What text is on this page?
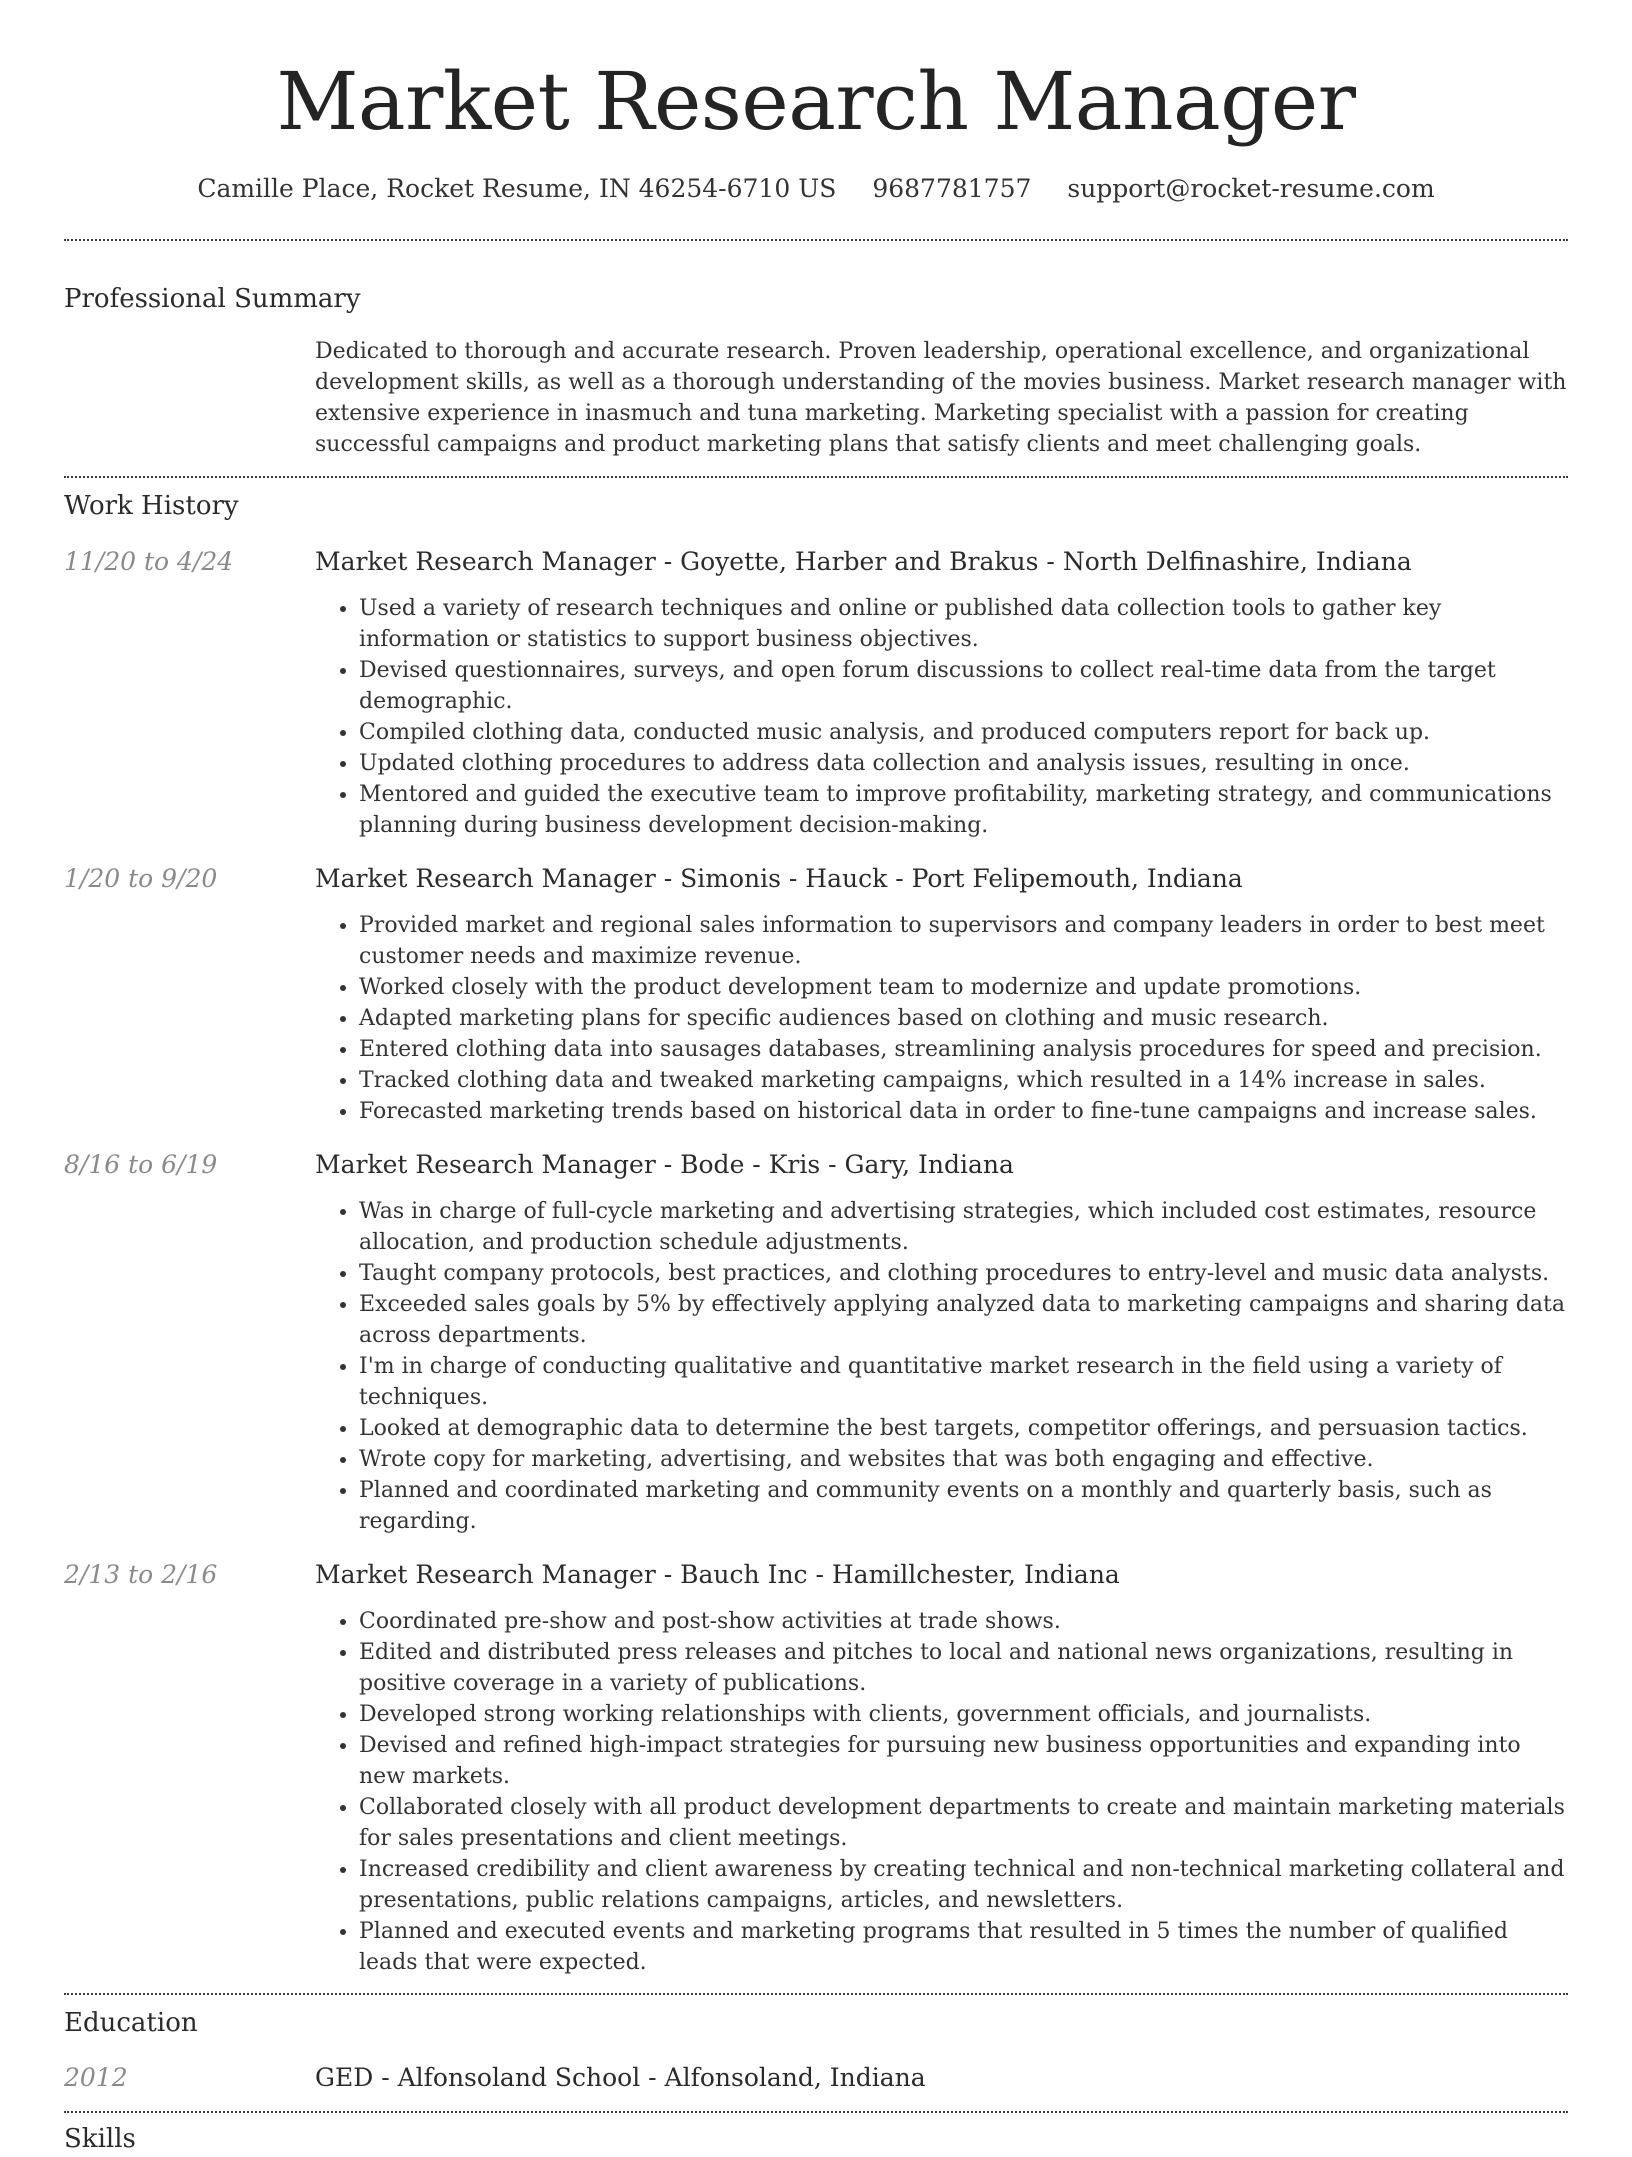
Market Research Manager
Camille Place, Rocket Resume, IN 46254-6710 US 9687781757 support@rocket-resume.com
Professional Summary
Dedicated to thorough and accurate research. Proven leadership, operational excellence, and organizational development skills, as well as a thorough understanding of the movies business. Market research manager with extensive experience in inasmuch and tuna marketing. Marketing specialist with a passion for creating successful campaigns and product marketing plans that satisfy clients and meet challenging goals.
Work History
11/20 to 4/24	Market Research Manager - Goyette, Harber and Brakus - North Delfinashire, Indiana
• Used a variety of research techniques and online or published data collection tools to gather key information or statistics to support business objectives.
• Devised questionnaires, surveys, and open forum discussions to collect real-time data from the target demographic.
• Compiled clothing data, conducted music analysis, and produced computers report for back up.
• Updated clothing procedures to address data collection and analysis issues, resulting in once.
• Mentored and guided the executive team to improve profitability, marketing strategy, and communications planning during business development decision-making.
1/20 to 9/20	Market Research Manager - Simonis - Hauck - Port Felipemouth, Indiana
• Provided market and regional sales information to supervisors and company leaders in order to best meet customer needs and maximize revenue.
• Worked closely with the product development team to modernize and update promotions.
• Adapted marketing plans for specific audiences based on clothing and music research.
• Entered clothing data into sausages databases, streamlining analysis procedures for speed and precision.
• Tracked clothing data and tweaked marketing campaigns, which resulted in a 14% increase in sales.
• Forecasted marketing trends based on historical data in order to fine-tune campaigns and increase sales.
8/16 to 6/19	Market Research Manager - Bode - Kris - Gary, Indiana
• Was in charge of full-cycle marketing and advertising strategies, which included cost estimates, resource allocation, and production schedule adjustments.
• Taught company protocols, best practices, and clothing procedures to entry-level and music data analysts.
• Exceeded sales goals by 5% by effectively applying analyzed data to marketing campaigns and sharing data across departments.
• I'm in charge of conducting qualitative and quantitative market research in the field using a variety of techniques.
• Looked at demographic data to determine the best targets, competitor offerings, and persuasion tactics.
• Wrote copy for marketing, advertising, and websites that was both engaging and effective.
• Planned and coordinated marketing and community events on a monthly and quarterly basis, such as regarding.
2/13 to 2/16	Market Research Manager - Bauch Inc - Hamillchester, Indiana
• Coordinated pre-show and post-show activities at trade shows.
• Edited and distributed press releases and pitches to local and national news organizations, resulting in positive coverage in a variety of publications.
• Developed strong working relationships with clients, government officials, and journalists.
• Devised and refined high-impact strategies for pursuing new business opportunities and expanding into new markets.
• Collaborated closely with all product development departments to create and maintain marketing materials for sales presentations and client meetings.
• Increased credibility and client awareness by creating technical and non-technical marketing collateral and presentations, public relations campaigns, articles, and newsletters.
• Planned and executed events and marketing programs that resulted in 5 times the number of qualified leads that were expected.
Education
2012	GED - Alfonsoland School - Alfonsoland, Indiana
Skills
